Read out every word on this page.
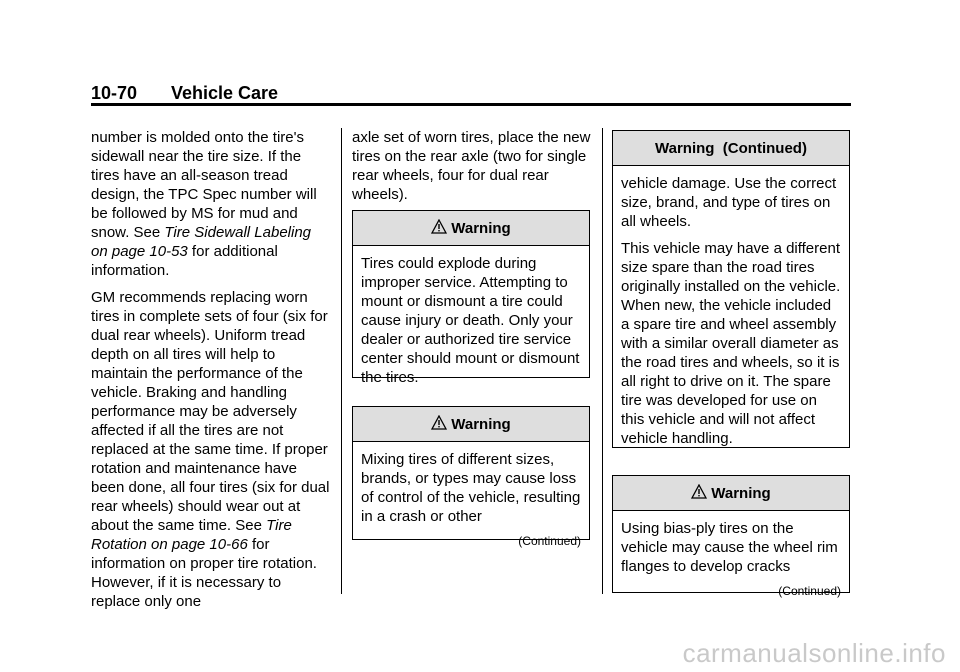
10-70 Vehicle Care

number is molded onto the tire's sidewall near the tire size. If the tires have an all-season tread design, the TPC Spec number will be followed by MS for mud and snow. See Tire Sidewall Labeling on page 10-53 for additional information.

GM recommends replacing worn tires in complete sets of four (six for dual rear wheels). Uniform tread depth on all tires will help to maintain the performance of the vehicle. Braking and handling performance may be adversely affected if all the tires are not replaced at the same time. If proper rotation and maintenance have been done, all four tires (six for dual rear wheels) should wear out at about the same time. See Tire Rotation on page 10-66 for information on proper tire rotation. However, if it is necessary to replace only one

axle set of worn tires, place the new tires on the rear axle (two for single rear wheels, four for dual rear wheels).

Warning

Tires could explode during improper service. Attempting to mount or dismount a tire could cause injury or death. Only your dealer or authorized tire service center should mount or dismount the tires.

Warning

Mixing tires of different sizes, brands, or types may cause loss of control of the vehicle, resulting in a crash or other

(Continued)
Warning  (Continued)

vehicle damage. Use the correct size, brand, and type of tires on all wheels.

This vehicle may have a different size spare than the road tires originally installed on the vehicle. When new, the vehicle included a spare tire and wheel assembly with a similar overall diameter as the road tires and wheels, so it is all right to drive on it. The spare tire was developed for use on this vehicle and will not affect vehicle handling.

Warning

Using bias-ply tires on the vehicle may cause the wheel rim flanges to develop cracks

(Continued)
carmanualsonline.info
